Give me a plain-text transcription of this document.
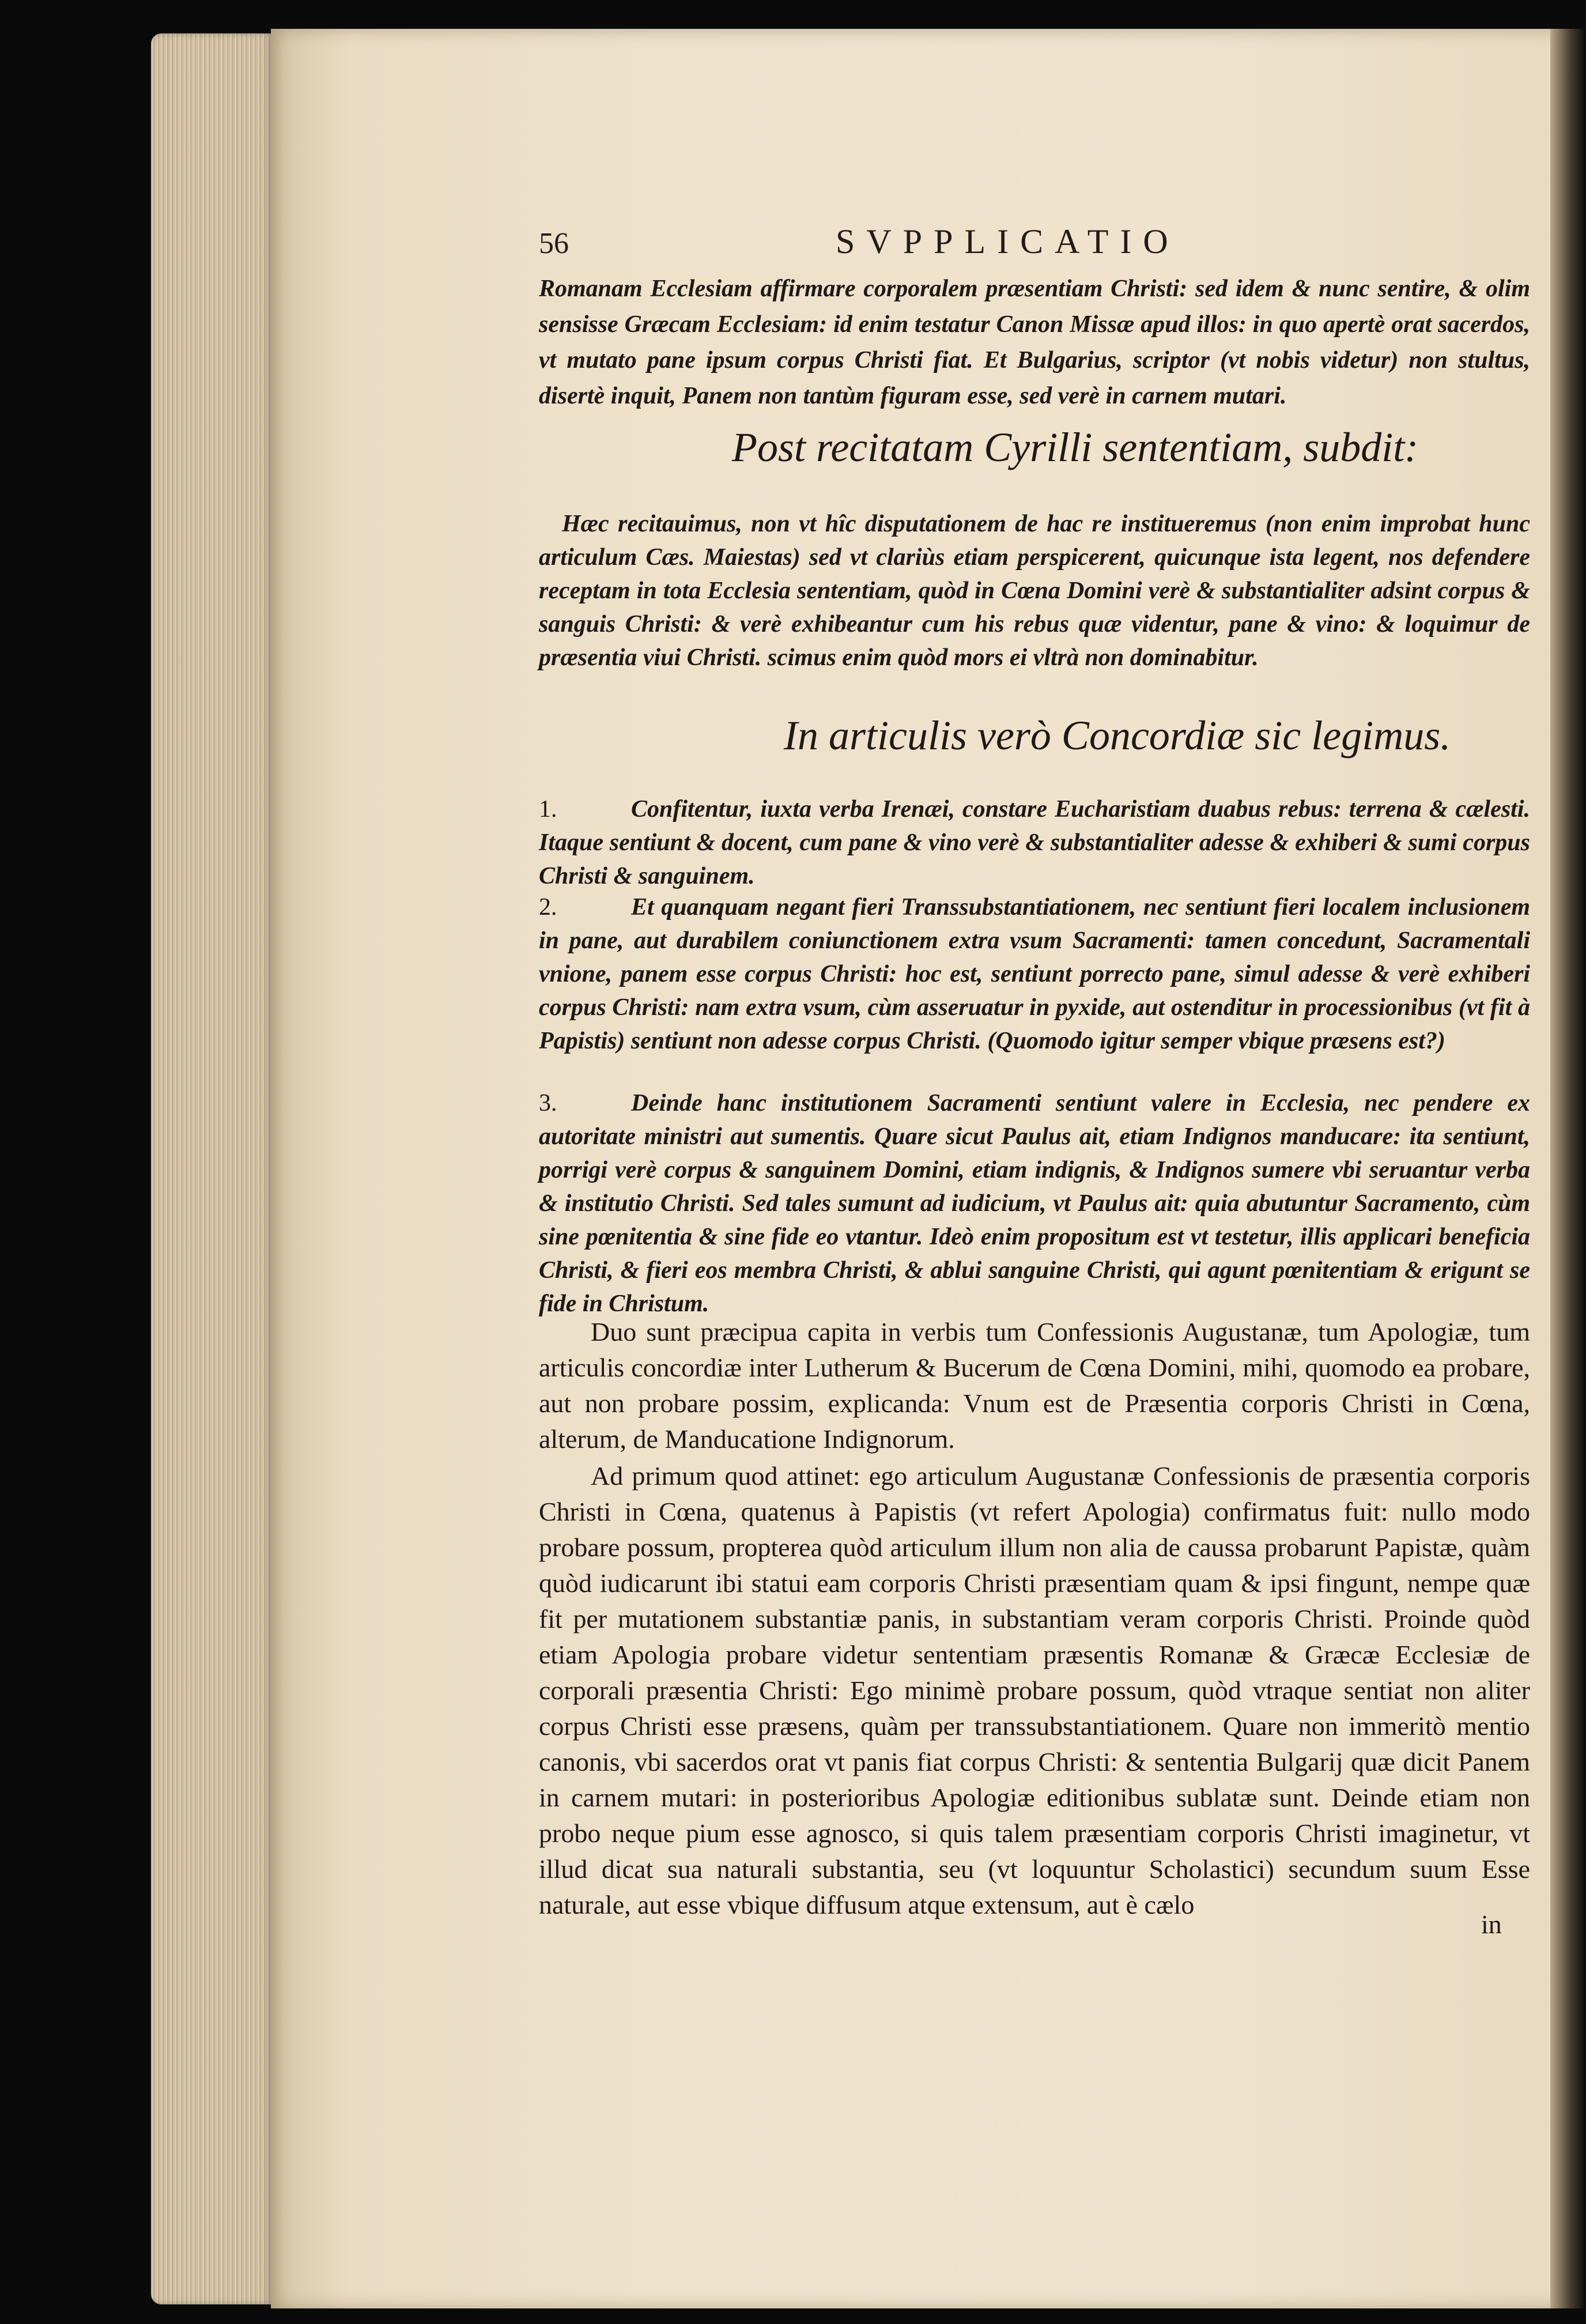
56	SVPPLICATIO

Romanam Ecclesiam affirmare corporalem præsentiam Christi: sed idem & nunc sentire, & olim sensisse Græcam Ecclesiam: id enim testatur Canon Missæ apud illos: in quo apertè orat sacerdos, vt mutato pane ipsum corpus Christi fiat. Et Bulgarius, scriptor (vt nobis videtur) non stultus, disertè inquit, Panem non tantùm figuram esse, sed verè in carnem mutari.

Post recitatam Cyrilli sententiam, subdit:

Hæc recitauimus, non vt hîc disputationem de hac re institueremus (non enim improbat hunc articulum Cæs. Maiestas) sed vt clariùs etiam perspicerent, quicunque ista legent, nos defendere receptam in tota Ecclesia sententiam, quòd in Cœna Domini verè & substantialiter adsint corpus & sanguis Christi: & verè exhibeantur cum his rebus quæ videntur, pane & vino: & loquimur de præsentia viui Christi. scimus enim quòd mors ei vltrà non dominabitur.

In articulis verò Concordiæ sic legimus.
1.	Confitentur, iuxta verba Irenæi, constare Eucharistiam duabus rebus: terrena & cælesti. Itaque sentiunt & docent, cum pane & vino verè & substantialiter adesse & exhiberi & sumi corpus Christi & sanguinem.
2.	Et quanquam negant fieri Transsubstantiationem, nec sentiunt fieri localem inclusionem in pane, aut durabilem coniunctionem extra vsum Sacramenti: tamen concedunt, Sacramentali vnione, panem esse corpus Christi: hoc est, sentiunt porrecto pane, simul adesse & verè exhiberi corpus Christi: nam extra vsum, cùm asseruatur in pyxide, aut ostenditur in processionibus (vt fit à Papistis) sentiunt non adesse corpus Christi. (Quomodo igitur semper vbique præsens est?)
3.	Deinde hanc institutionem Sacramenti sentiunt valere in Ecclesia, nec pendere ex autoritate ministri aut sumentis. Quare sicut Paulus ait, etiam Indignos manducare: ita sentiunt, porrigi verè corpus & sanguinem Domini, etiam indignis, & Indignos sumere vbi seruantur verba & institutio Christi. Sed tales sumunt ad iudicium, vt Paulus ait: quia abutuntur Sacramento, cùm sine pœnitentia & sine fide eo vtantur. Ideò enim propositum est vt testetur, illis applicari beneficia Christi, & fieri eos membra Christi, & ablui sanguine Christi, qui agunt pœnitentiam & erigunt se fide in Christum.

Duo sunt præcipua capita in verbis tum Confessionis Augustanæ, tum Apologiæ, tum articulis concordiæ inter Lutherum & Bucerum de Cœna Domini, mihi, quomodo ea probare, aut non probare possim, explicanda: Vnum est de Præsentia corporis Christi in Cœna, alterum, de Manducatione Indignorum.

Ad primum quod attinet: ego articulum Augustanæ Confessionis de præsentia corporis Christi in Cœna, quatenus à Papistis (vt refert Apologia) confirmatus fuit: nullo modo probare possum, propterea quòd articulum illum non alia de caussa probarunt Papistæ, quàm quòd iudicarunt ibi statui eam corporis Christi præsentiam quam & ipsi fingunt, nempe quæ fit per mutationem substantiæ panis, in substantiam veram corporis Christi. Proinde quòd etiam Apologia probare videtur sententiam præsentis Romanæ & Græcæ Ecclesiæ de corporali præsentia Christi: Ego minimè probare possum, quòd vtraque sentiat non aliter corpus Christi esse præsens, quàm per transsubstantiationem. Quare non immeritò mentio canonis, vbi sacerdos orat vt panis fiat corpus Christi: & sententia Bulgarij quæ dicit Panem in carnem mutari: in posterioribus Apologiæ editionibus sublatæ sunt. Deinde etiam non probo neque pium esse agnosco, si quis talem præsentiam corporis Christi imaginetur, vt illud dicat sua naturali substantia, seu (vt loquuntur Scholastici) secundum suum Esse naturale, aut esse vbique diffusum atque extensum, aut è cælo

in
